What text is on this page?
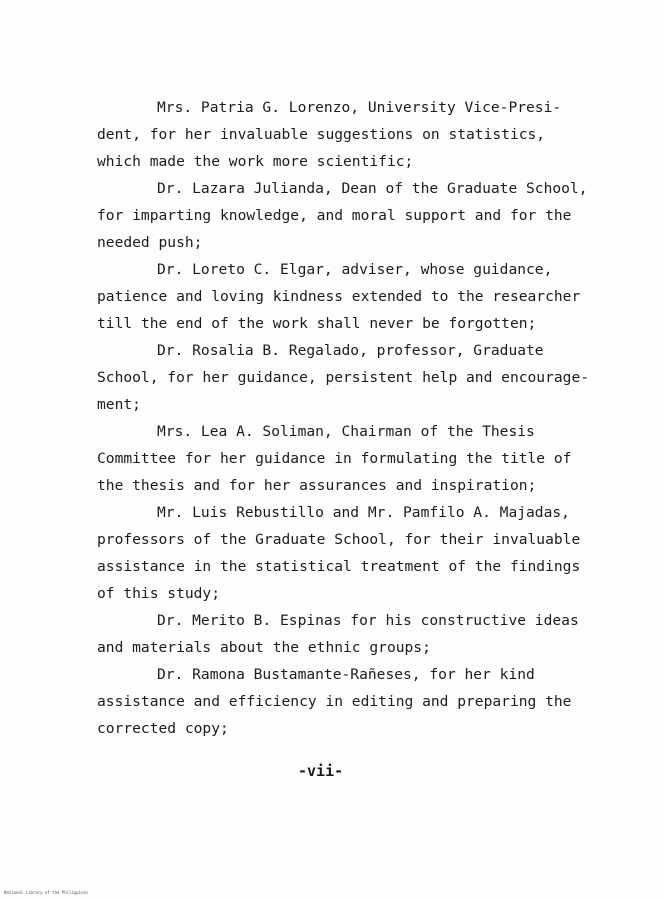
Mrs. Patria G. Lorenzo, University Vice-Presi-
dent, for her invaluable suggestions on statistics,
which made the work more scientific;
Dr. Lazara Julianda, Dean of the Graduate School,
for imparting knowledge, and moral support and for the
needed push;
Dr. Loreto C. Elgar, adviser, whose guidance,
patience and loving kindness extended to the researcher
till the end of the work shall never be forgotten;
Dr. Rosalia B. Regalado, professor, Graduate
School, for her guidance, persistent help and encourage-
ment;
Mrs. Lea A. Soliman, Chairman of the Thesis
Committee for her guidance in formulating the title of
the thesis and for her assurances and inspiration;
Mr. Luis Rebustillo and Mr. Pamfilo A. Majadas,
professors of the Graduate School, for their invaluable
assistance in the statistical treatment of the findings
of this study;
Dr. Merito B. Espinas for his constructive ideas
and materials about the ethnic groups;
Dr. Ramona Bustamante-Rañeses, for her kind
assistance and efficiency in editing and preparing the
corrected copy;
-vii-
National Library of the Philippines
